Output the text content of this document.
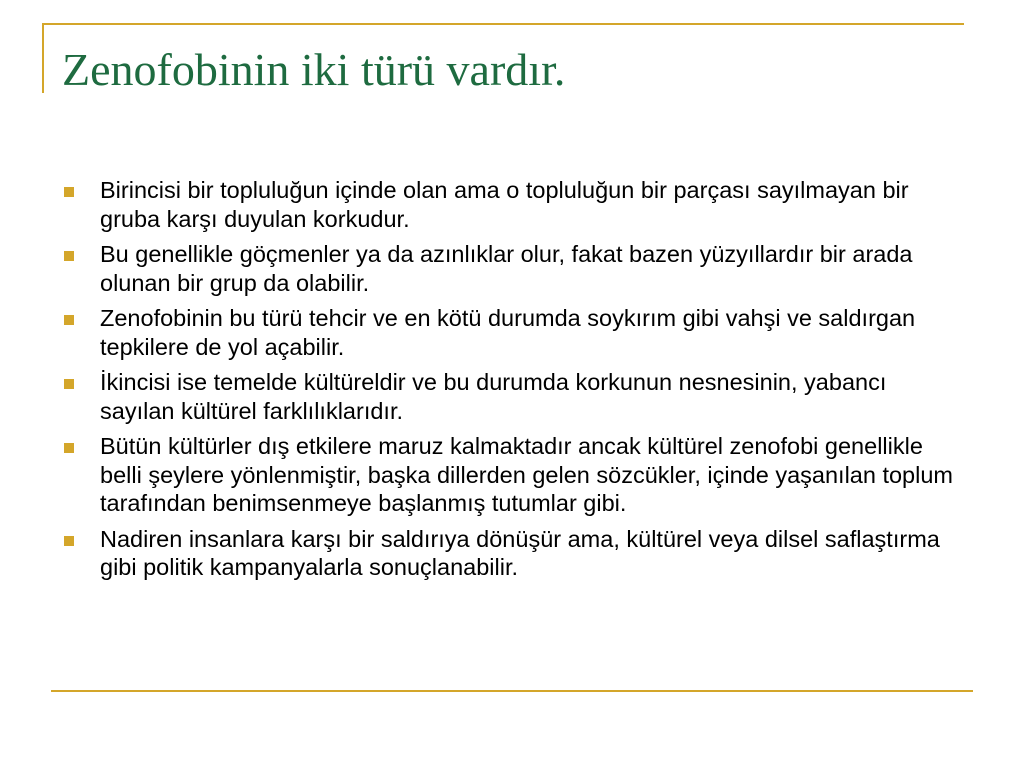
Zenofobinin iki türü vardır.
Birincisi bir topluluğun içinde olan ama o topluluğun bir parçası sayılmayan bir gruba karşı duyulan korkudur.
Bu genellikle göçmenler ya da azınlıklar olur, fakat bazen yüzyıllardır bir arada olunan bir grup da olabilir.
Zenofobinin bu türü tehcir ve en kötü durumda soykırım gibi vahşi ve saldırgan tepkilere de yol açabilir.
İkincisi ise temelde kültüreldir ve bu durumda korkunun nesnesinin, yabancı sayılan kültürel farklılıklarıdır.
Bütün kültürler dış etkilere maruz kalmaktadır ancak kültürel zenofobi genellikle belli şeylere yönlenmiştir, başka dillerden gelen sözcükler, içinde yaşanılan toplum tarafından benimsenmeye başlanmış tutumlar gibi.
Nadiren insanlara karşı bir saldırıya dönüşür ama, kültürel veya dilsel saflaştırma gibi politik kampanyalarla sonuçlanabilir.
